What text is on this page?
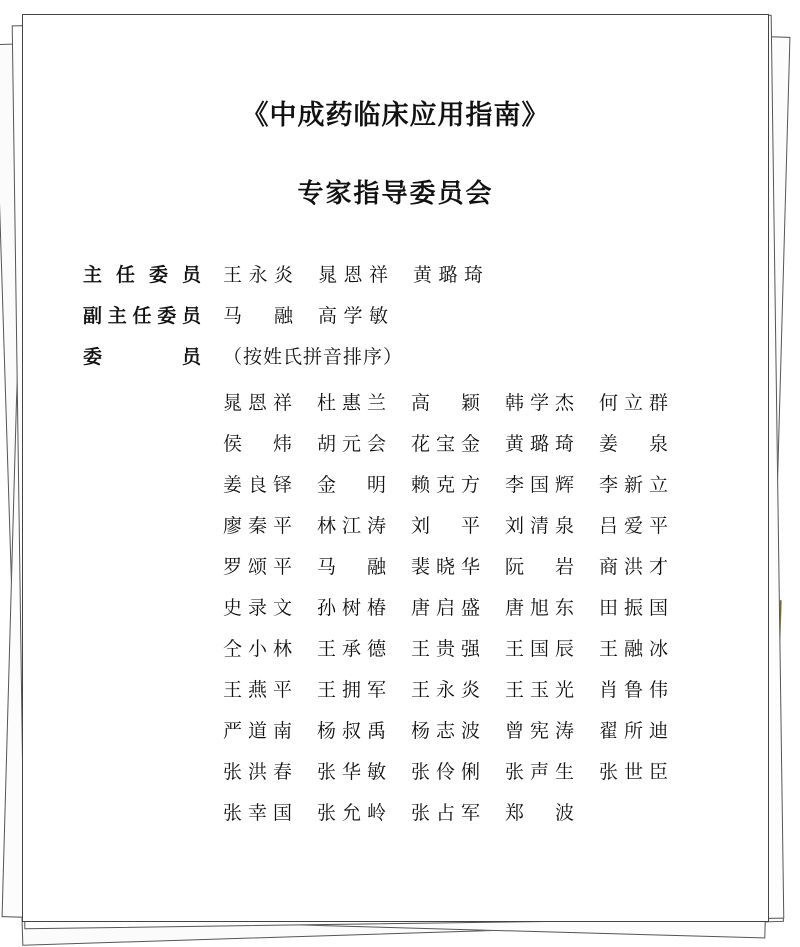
《中成药临床应用指南》
专家指导委员会
主 任 委 员 王 永 炎 晁 恩 祥 黄 璐 琦
副 主 任 委 员 马 融 高 学 敏
委	员 （按姓氏拼音排序）
晁 恩 祥 杜 惠 兰 高 颖 韩 学 杰 何 立 群
侯 炜 胡 元 会 花 宝 金 黄 璐 琦 姜 泉
姜 良 铎 金 明 赖 克 方 李 国 辉 李 新 立
廖 秦 平 林 江 涛 刘 平 刘 清 泉 吕 爱 平
罗 颂 平 马 融 裴 晓 华 阮 岩 商 洪 才
史 录 文 孙 树 椿 唐 启 盛 唐 旭 东 田 振 国
仝 小 林 王 承 德 王 贵 强 王 国 辰 王 融 冰
王 燕 平 王 拥 军 王 永 炎 王 玉 光 肖 鲁 伟
严 道 南 杨 叔 禹 杨 志 波 曾 宪 涛 翟 所 迪
张 洪 春 张 华 敏 张 伶 俐 张 声 生 张 世 臣
张 幸 国 张 允 岭 张 占 军 郑 波
